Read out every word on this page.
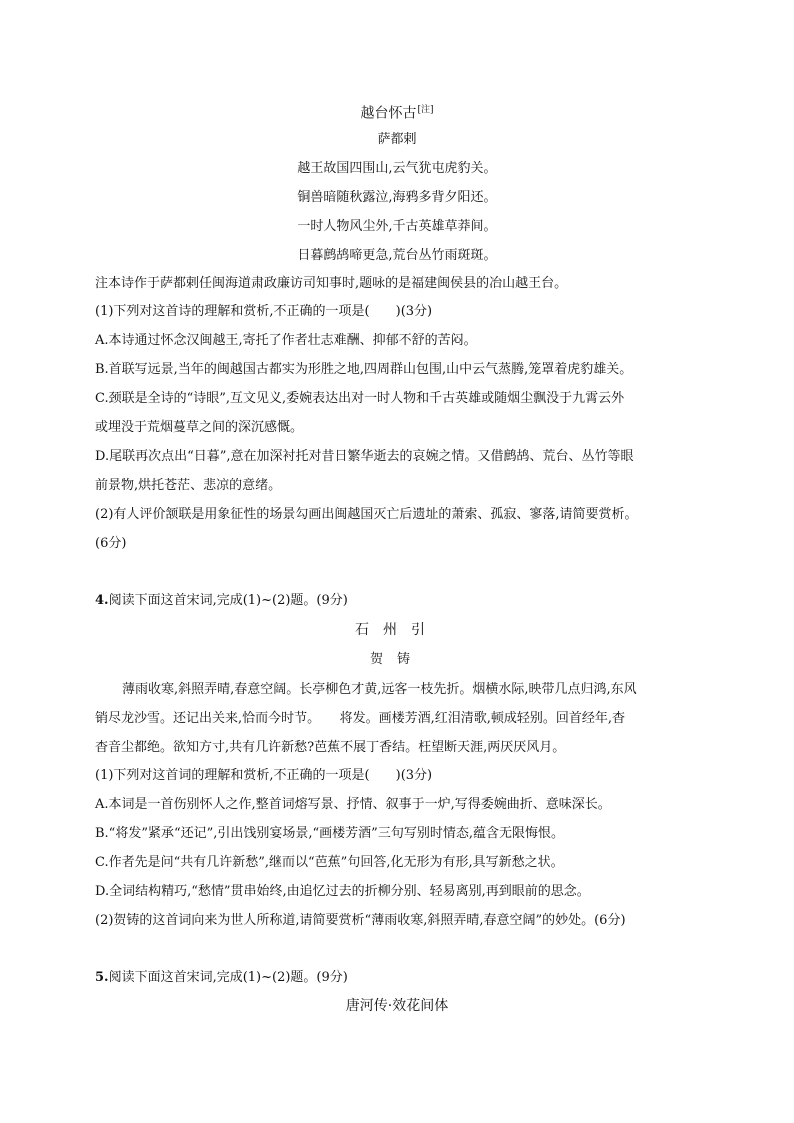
越台怀古[注]
萨都剌
越王故国四围山,云气犹屯虎豹关。
铜兽暗随秋露泣,海鸦多背夕阳还。
一时人物风尘外,千古英雄草莽间。
日暮鹧鸪啼更急,荒台丛竹雨斑斑。
注本诗作于萨都剌任闽海道肃政廉访司知事时,题咏的是福建闽侯县的冶山越王台。
(1)下列对这首诗的理解和赏析,不正确的一项是(　　)(3分)
A.本诗通过怀念汉闽越王,寄托了作者壮志难酬、抑郁不舒的苦闷。
B.首联写远景,当年的闽越国古都实为形胜之地,四周群山包围,山中云气蒸腾,笼罩着虎豹雄关。
C.颈联是全诗的“诗眼”,互文见义,委婉表达出对一时人物和千古英雄或随烟尘飘没于九霄云外
或埋没于荒烟蔓草之间的深沉感慨。
D.尾联再次点出“日暮”,意在加深衬托对昔日繁华逝去的哀婉之情。又借鹧鸪、荒台、丛竹等眼
前景物,烘托苍茫、悲凉的意绪。
(2)有人评价颔联是用象征性的场景勾画出闽越国灭亡后遗址的萧索、孤寂、寥落,请简要赏析。
(6分)
4.阅读下面这首宋词,完成(1)~(2)题。(9分)
石州引
贺铸
薄雨收寒,斜照弄晴,春意空阔。长亭柳色才黄,远客一枝先折。烟横水际,映带几点归鸿,东风
销尽龙沙雪。还记出关来,恰而今时节。　　将发。画楼芳酒,红泪清歌,顿成轻别。回首经年,杳
杳音尘都绝。欲知方寸,共有几许新愁?芭蕉不展丁香结。枉望断天涯,两厌厌风月。
(1)下列对这首词的理解和赏析,不正确的一项是(　　)(3分)
A.本词是一首伤别怀人之作,整首词熔写景、抒情、叙事于一炉,写得委婉曲折、意味深长。
B.“将发”紧承“还记”,引出饯别宴场景,“画楼芳酒”三句写别时情态,蕴含无限悔恨。
C.作者先是问“共有几许新愁”,继而以“芭蕉”句回答,化无形为有形,具写新愁之状。
D.全词结构精巧,“愁情”贯串始终,由追忆过去的折柳分别、轻易离别,再到眼前的思念。
(2)贺铸的这首词向来为世人所称道,请简要赏析“薄雨收寒,斜照弄晴,春意空阔”的妙处。(6分)
5.阅读下面这首宋词,完成(1)~(2)题。(9分)
唐河传·效花间体
